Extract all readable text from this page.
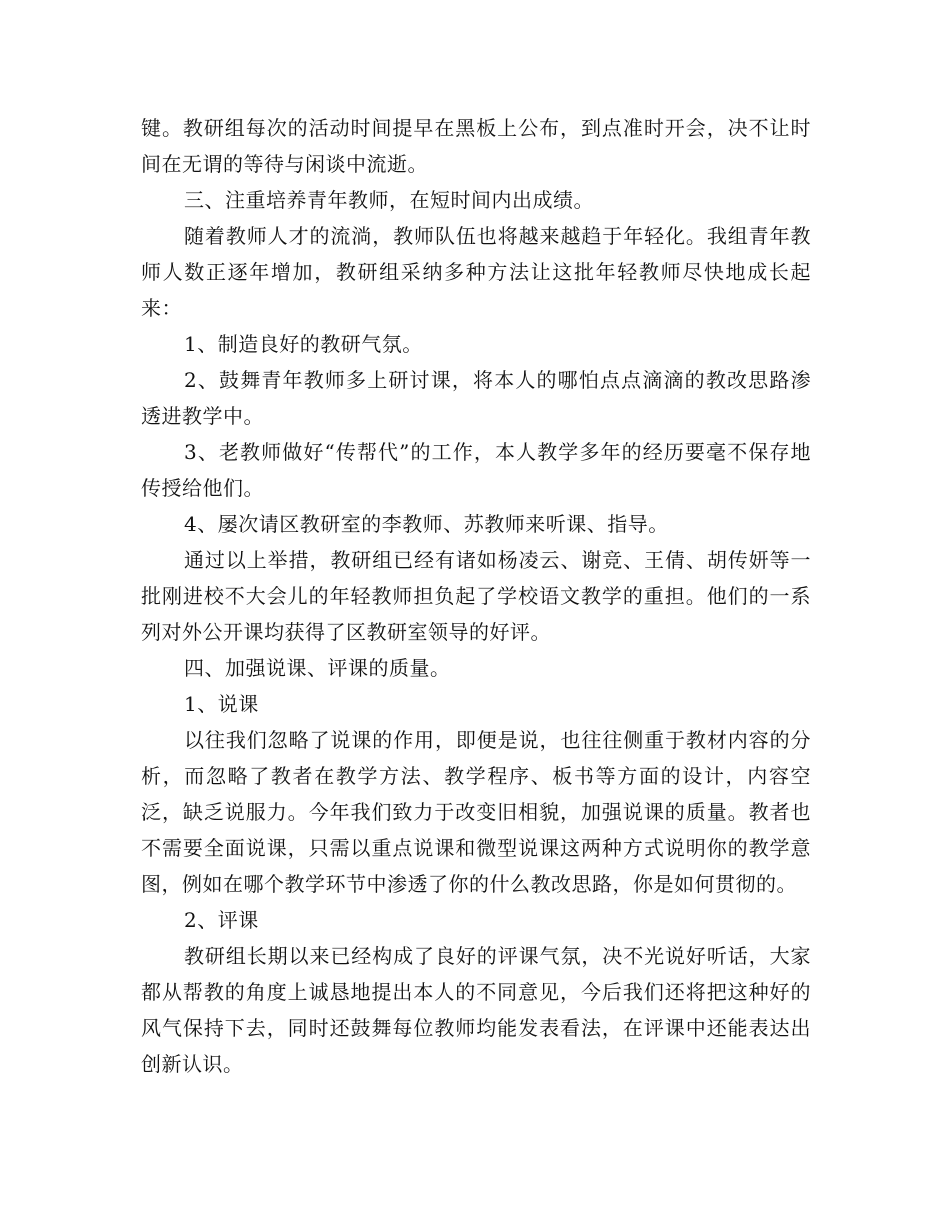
键。教研组每次的活动时间提早在黑板上公布，到点准时开会，决不让时间在无谓的等待与闲谈中流逝。

三、注重培养青年教师，在短时间内出成绩。

随着教师人才的流淌，教师队伍也将越来越趋于年轻化。我组青年教师人数正逐年增加，教研组采纳多种方法让这批年轻教师尽快地成长起来：

1、制造良好的教研气氛。

2、鼓舞青年教师多上研讨课，将本人的哪怕点点滴滴的教改思路渗透进教学中。

3、老教师做好“传帮代”的工作，本人教学多年的经历要毫不保存地传授给他们。

4、屡次请区教研室的李教师、苏教师来听课、指导。

通过以上举措，教研组已经有诸如杨凌云、谢竞、王倩、胡传妍等一批刚进校不大会儿的年轻教师担负起了学校语文教学的重担。他们的一系列对外公开课均获得了区教研室领导的好评。

四、加强说课、评课的质量。

1、说课

以往我们忽略了说课的作用，即便是说，也往往侧重于教材内容的分析，而忽略了教者在教学方法、教学程序、板书等方面的设计，内容空泛，缺乏说服力。今年我们致力于改变旧相貌，加强说课的质量。教者也不需要全面说课，只需以重点说课和微型说课这两种方式说明你的教学意图，例如在哪个教学环节中渗透了你的什么教改思路，你是如何贯彻的。

2、评课

教研组长期以来已经构成了良好的评课气氛，决不光说好听话，大家都从帮教的角度上诚恳地提出本人的不同意见，今后我们还将把这种好的风气保持下去，同时还鼓舞每位教师均能发表看法，在评课中还能表达出创新认识。
